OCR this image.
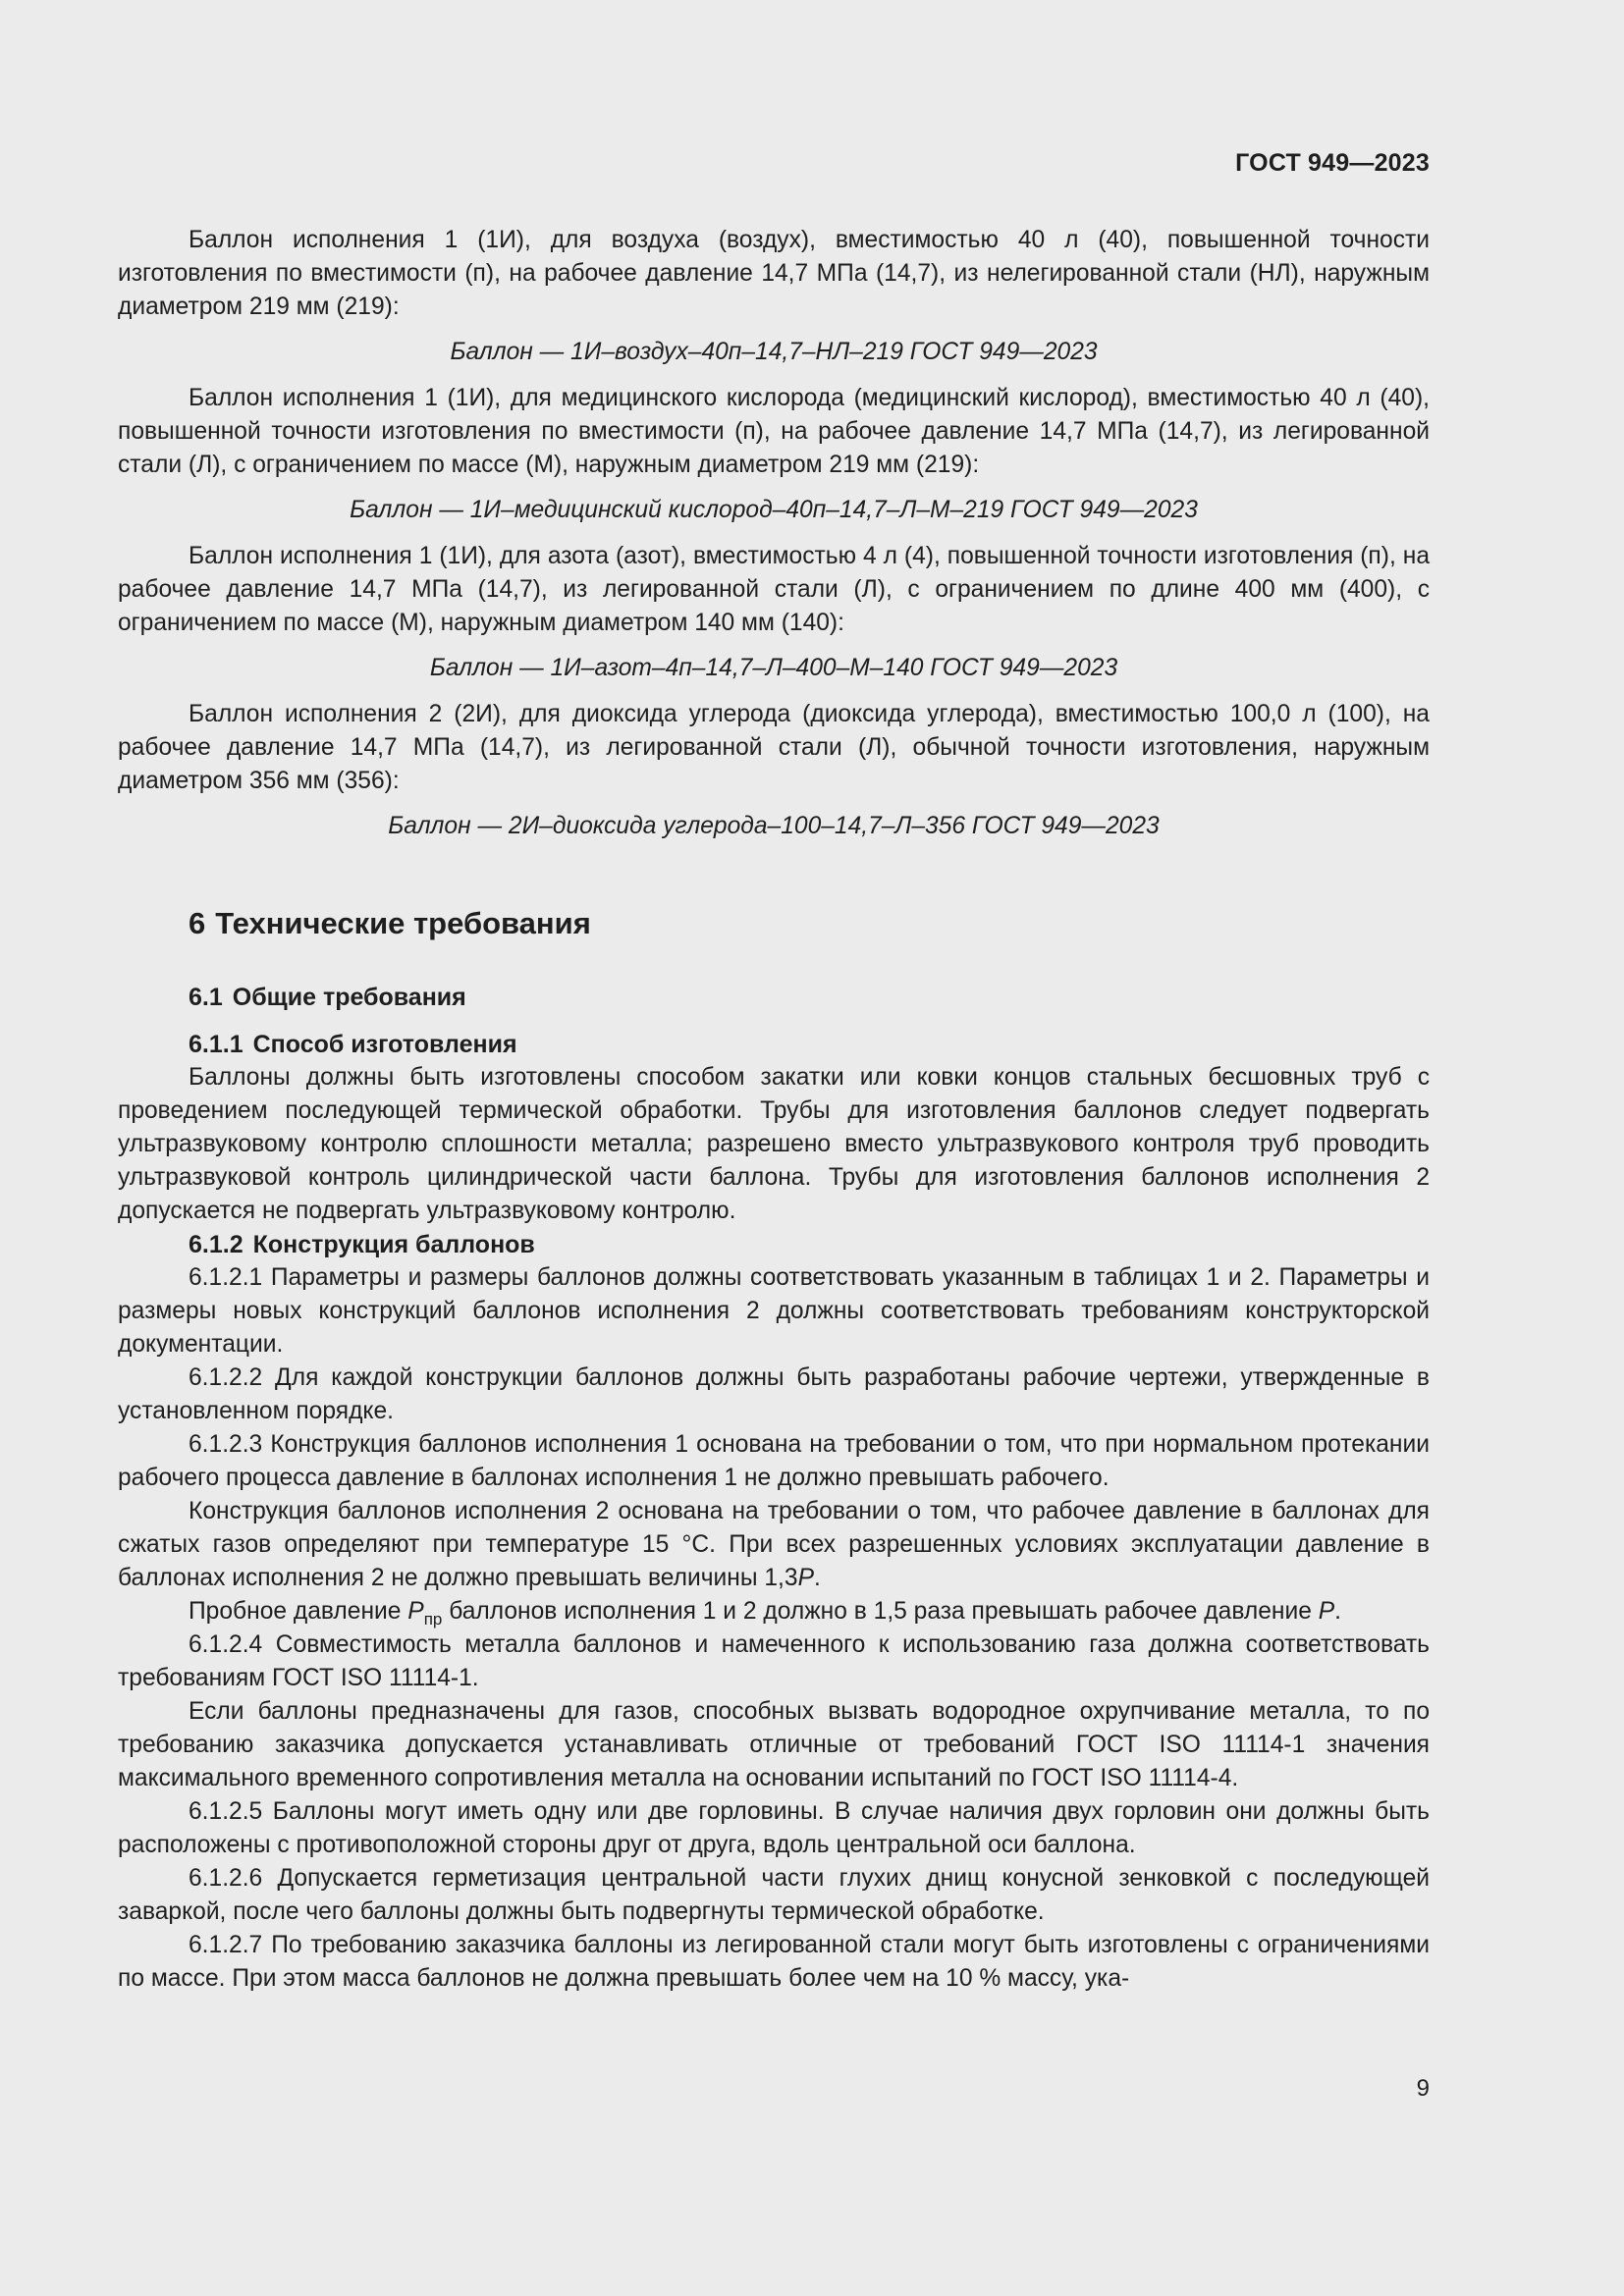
ГОСТ 949—2023

Баллон исполнения 1 (1И), для воздуха (воздух), вместимостью 40 л (40), повышенной точности изготовления по вместимости (п), на рабочее давление 14,7 МПа (14,7), из нелегированной стали (НЛ), наружным диаметром 219 мм (219):

Баллон — 1И–воздух–40п–14,7–НЛ–219 ГОСТ 949—2023

Баллон исполнения 1 (1И), для медицинского кислорода (медицинский кислород), вместимостью 40 л (40), повышенной точности изготовления по вместимости (п), на рабочее давление 14,7 МПа (14,7), из легированной стали (Л), с ограничением по массе (М), наружным диаметром 219 мм (219):

Баллон — 1И–медицинский кислород–40п–14,7–Л–М–219 ГОСТ 949—2023

Баллон исполнения 1 (1И), для азота (азот), вместимостью 4 л (4), повышенной точности изготовления (п), на рабочее давление 14,7 МПа (14,7), из легированной стали (Л), с ограничением по длине 400 мм (400), с ограничением по массе (М), наружным диаметром 140 мм (140):

Баллон — 1И–азот–4п–14,7–Л–400–М–140 ГОСТ 949—2023

Баллон исполнения 2 (2И), для диоксида углерода (диоксида углерода), вместимостью 100,0 л (100), на рабочее давление 14,7 МПа (14,7), из легированной стали (Л), обычной точности изготовления, наружным диаметром 356 мм (356):

Баллон — 2И–диоксида углерода–100–14,7–Л–356 ГОСТ 949—2023

6 Технические требования
6.1 Общие требования
6.1.1 Способ изготовления

Баллоны должны быть изготовлены способом закатки или ковки концов стальных бесшовных труб с проведением последующей термической обработки. Трубы для изготовления баллонов следует подвергать ультразвуковому контролю сплошности металла; разрешено вместо ультразвукового контроля труб проводить ультразвуковой контроль цилиндрической части баллона. Трубы для изготовления баллонов исполнения 2 допускается не подвергать ультразвуковому контролю.

6.1.2 Конструкция баллонов

6.1.2.1 Параметры и размеры баллонов должны соответствовать указанным в таблицах 1 и 2. Параметры и размеры новых конструкций баллонов исполнения 2 должны соответствовать требованиям конструкторской документации.

6.1.2.2 Для каждой конструкции баллонов должны быть разработаны рабочие чертежи, утвержденные в установленном порядке.

6.1.2.3 Конструкция баллонов исполнения 1 основана на требовании о том, что при нормальном протекании рабочего процесса давление в баллонах исполнения 1 не должно превышать рабочего.

Конструкция баллонов исполнения 2 основана на требовании о том, что рабочее давление в баллонах для сжатых газов определяют при температуре 15 °C. При всех разрешенных условиях эксплуатации давление в баллонах исполнения 2 не должно превышать величины 1,3P.

Пробное давление $P_{пр}$ баллонов исполнения 1 и 2 должно в 1,5 раза превышать рабочее давление P.

6.1.2.4 Совместимость металла баллонов и намеченного к использованию газа должна соответствовать требованиям ГОСТ ISO 11114-1.

Если баллоны предназначены для газов, способных вызвать водородное охрупчивание металла, то по требованию заказчика допускается устанавливать отличные от требований ГОСТ ISO 11114-1 значения максимального временного сопротивления металла на основании испытаний по ГОСТ ISO 11114-4.

6.1.2.5 Баллоны могут иметь одну или две горловины. В случае наличия двух горловин они должны быть расположены с противоположной стороны друг от друга, вдоль центральной оси баллона.

6.1.2.6 Допускается герметизация центральной части глухих днищ конусной зенковкой с последующей заваркой, после чего баллоны должны быть подвергнуты термической обработке.

6.1.2.7 По требованию заказчика баллоны из легированной стали могут быть изготовлены с ограничениями по массе. При этом масса баллонов не должна превышать более чем на 10 % массу, ука-

9
